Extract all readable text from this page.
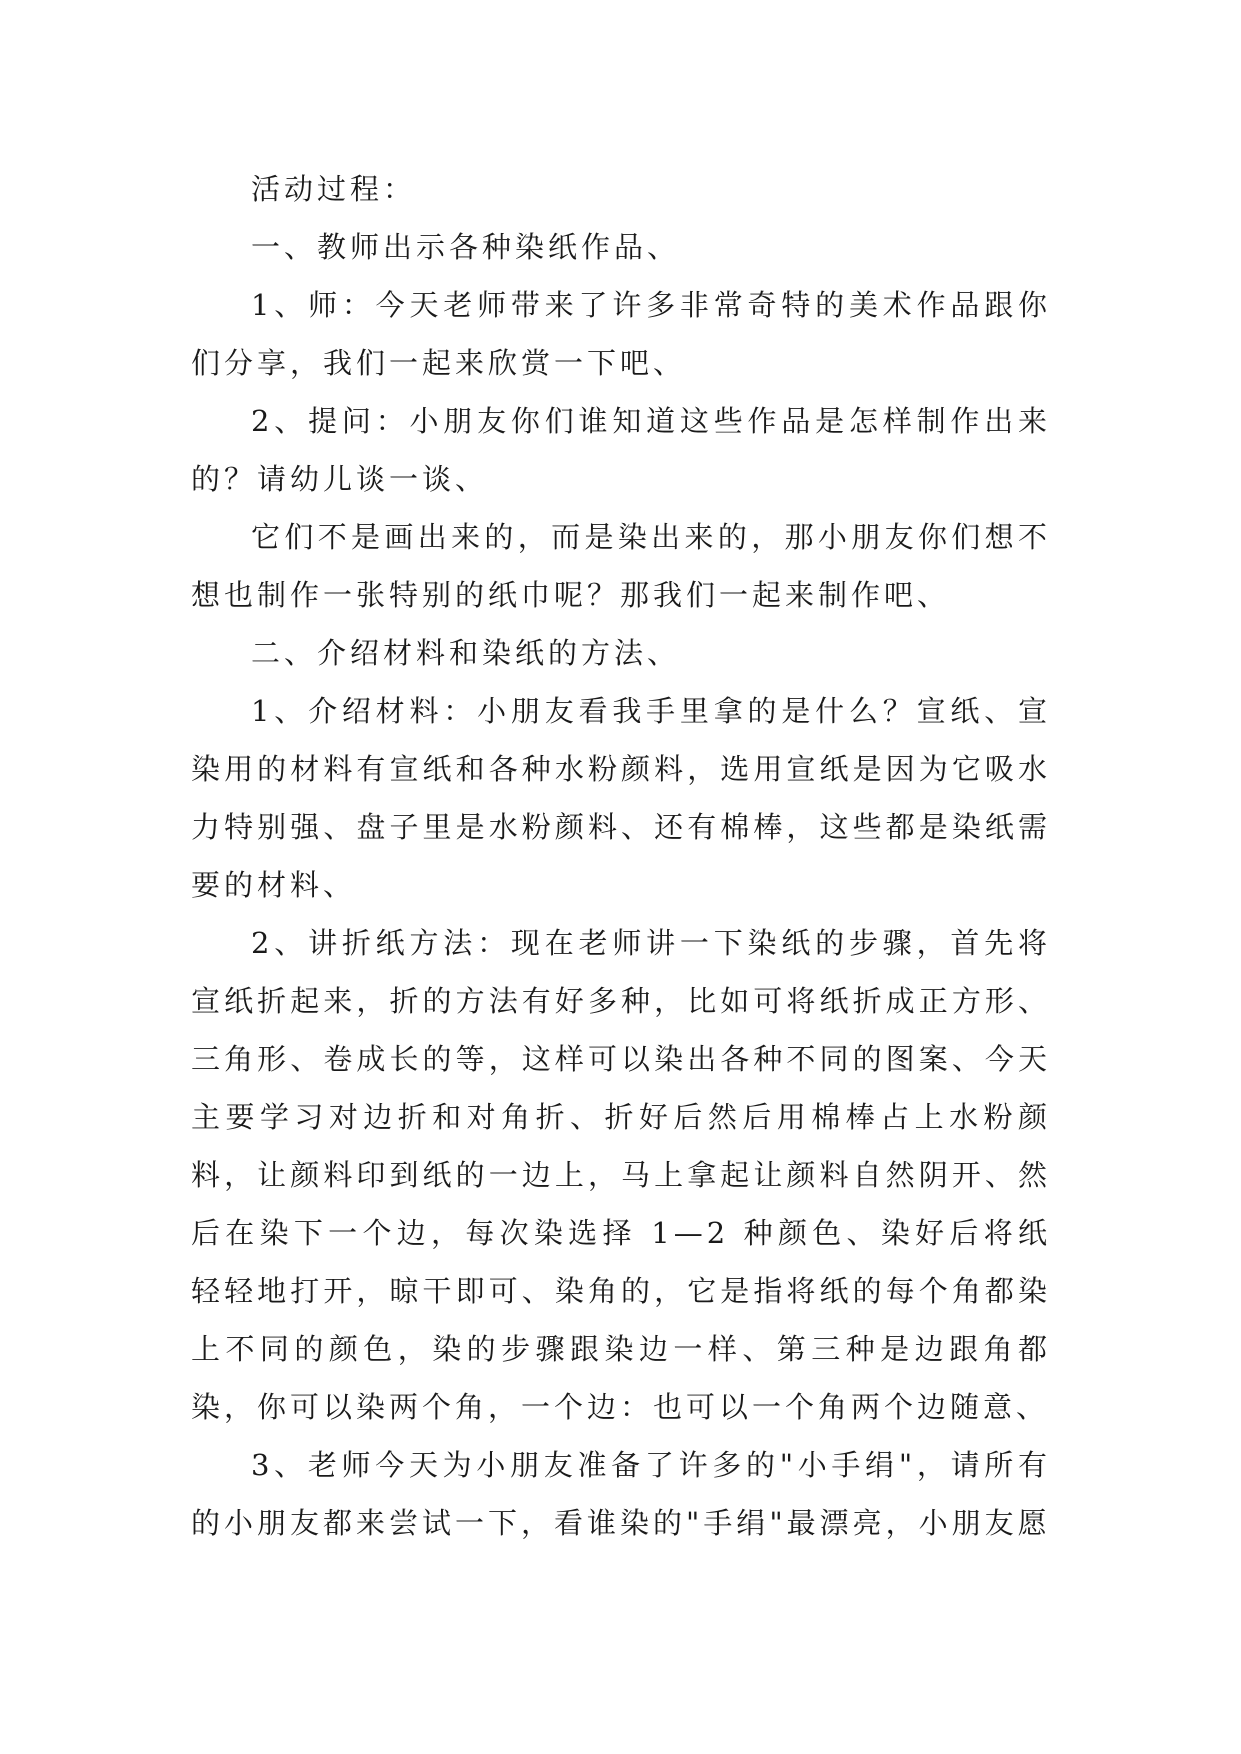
活动过程：

一、教师出示各种染纸作品、

1、师：今天老师带来了许多非常奇特的美术作品跟你们分享，我们一起来欣赏一下吧、

2、提问：小朋友你们谁知道这些作品是怎样制作出来的？请幼儿谈一谈、

它们不是画出来的，而是染出来的，那小朋友你们想不想也制作一张特别的纸巾呢？那我们一起来制作吧、

二、介绍材料和染纸的方法、

1、介绍材料：小朋友看我手里拿的是什么？宣纸、宣染用的材料有宣纸和各种水粉颜料，选用宣纸是因为它吸水力特别强、盘子里是水粉颜料、还有棉棒，这些都是染纸需要的材料、

2、讲折纸方法：现在老师讲一下染纸的步骤，首先将宣纸折起来，折的方法有好多种，比如可将纸折成正方形、三角形、卷成长的等，这样可以染出各种不同的图案、今天主要学习对边折和对角折、折好后然后用棉棒占上水粉颜料，让颜料印到纸的一边上，马上拿起让颜料自然阴开、然后在染下一个边，每次染选择 1—2 种颜色、染好后将纸轻轻地打开，晾干即可、染角的，它是指将纸的每个角都染上不同的颜色，染的步骤跟染边一样、第三种是边跟角都染，你可以染两个角，一个边：也可以一个角两个边随意、

3、老师今天为小朋友准备了许多的"小手绢"，请所有的小朋友都来尝试一下，看谁染的"手绢"最漂亮，小朋友愿
